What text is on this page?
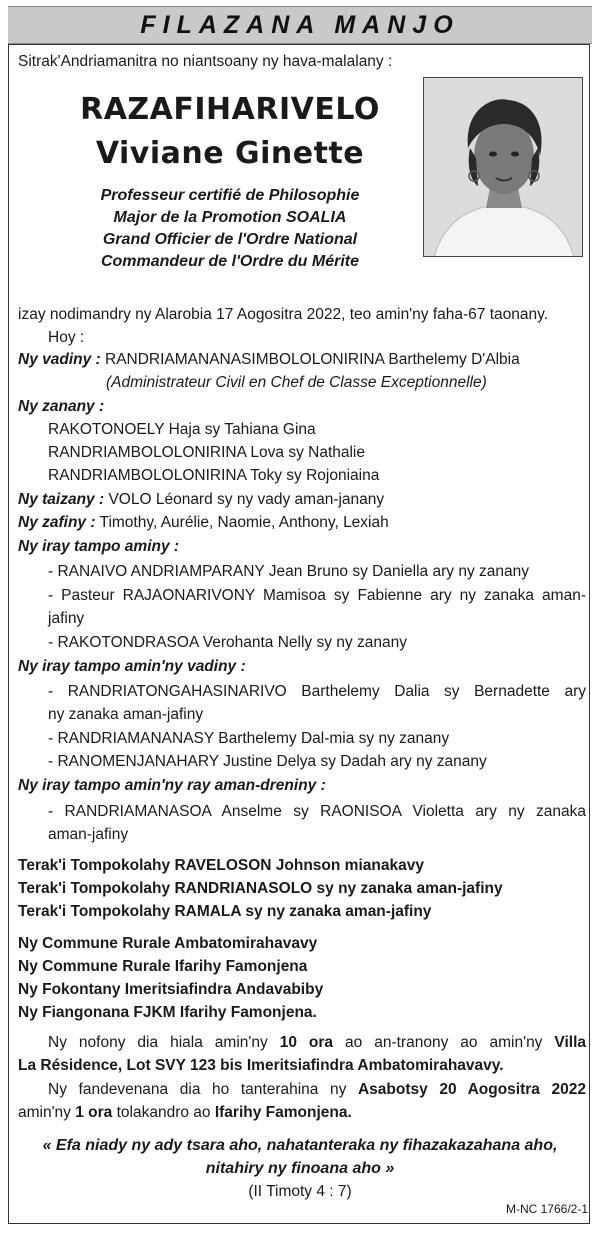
FILAZANA MANJO
Sitrak'Andriamanitra no niantsoany ny hava-malalany :
RAZAFIHARIVELO
Viviane Ginette
Professeur certifié de Philosophie
Major de la Promotion SOALIA
Grand Officier de l'Ordre National
Commandeur de l'Ordre du Mérite
izay nodimandry ny Alarobia 17 Aogositra 2022, teo amin'ny faha-67 taonany.
Hoy :
Ny vadiny : RANDRIAMANANASIMBOLOLONIRINA Barthelemy D'Albia
(Administrateur Civil en Chef de Classe Exceptionnelle)
Ny zanany :
RAKOTONOELY Haja sy Tahiana Gina
RANDRIAMBOLOLONIRINA Lova sy Nathalie
RANDRIAMBOLOLONIRINA Toky sy Rojoniaina
Ny taizany : VOLO Léonard sy ny vady aman-janany
Ny zafiny : Timothy, Aurélie, Naomie, Anthony, Lexiah
Ny iray tampo aminy :
- RANAIVO ANDRIAMPARANY Jean Bruno sy Daniella ary ny zanany
- Pasteur RAJAONARIVONY Mamisoa sy Fabienne ary ny zanaka aman-
jafiny
- RAKOTONDRASOA Verohanta Nelly sy ny zanany
Ny iray tampo amin'ny vadiny :
- RANDRIATONGAHASINARIVO Barthelemy Dalia sy Bernadette ary
ny zanaka aman-jafiny
- RANDRIAMANANASY Barthelemy Dal-mia sy ny zanany
- RANOMENJANAHARY Justine Delya sy Dadah ary ny zanany
Ny iray tampo amin'ny ray aman-dreniny :
- RANDRIAMANASOA Anselme sy RAONISOA Violetta ary ny zanaka
aman-jafiny
Terak'i Tompokolahy RAVELOSON Johnson mianakavy
Terak'i Tompokolahy RANDRIANASOLO sy ny zanaka aman-jafiny
Terak'i Tompokolahy RAMALA sy ny zanaka aman-jafiny
Ny Commune Rurale Ambatomirahavavy
Ny Commune Rurale Ifarihy Famonjena
Ny Fokontany Imeritsiafindra Andavabiby
Ny Fiangonana FJKM Ifarihy Famonjena.
Ny nofony dia hiala amin'ny 10 ora ao an-tranony ao amin'ny Villa
La Résidence, Lot SVY 123 bis Imeritsiafindra Ambatomirahavavy.
Ny fandevenana dia ho tanterahina ny Asabotsy 20 Aogositra 2022
amin'ny 1 ora tolakandro ao Ifarihy Famonjena.
« Efa niady ny ady tsara aho, nahatanteraka ny fihazakazahana aho,
nitahiry ny finoana aho »
(II Timoty 4 : 7)
M-NC 1766/2-1
